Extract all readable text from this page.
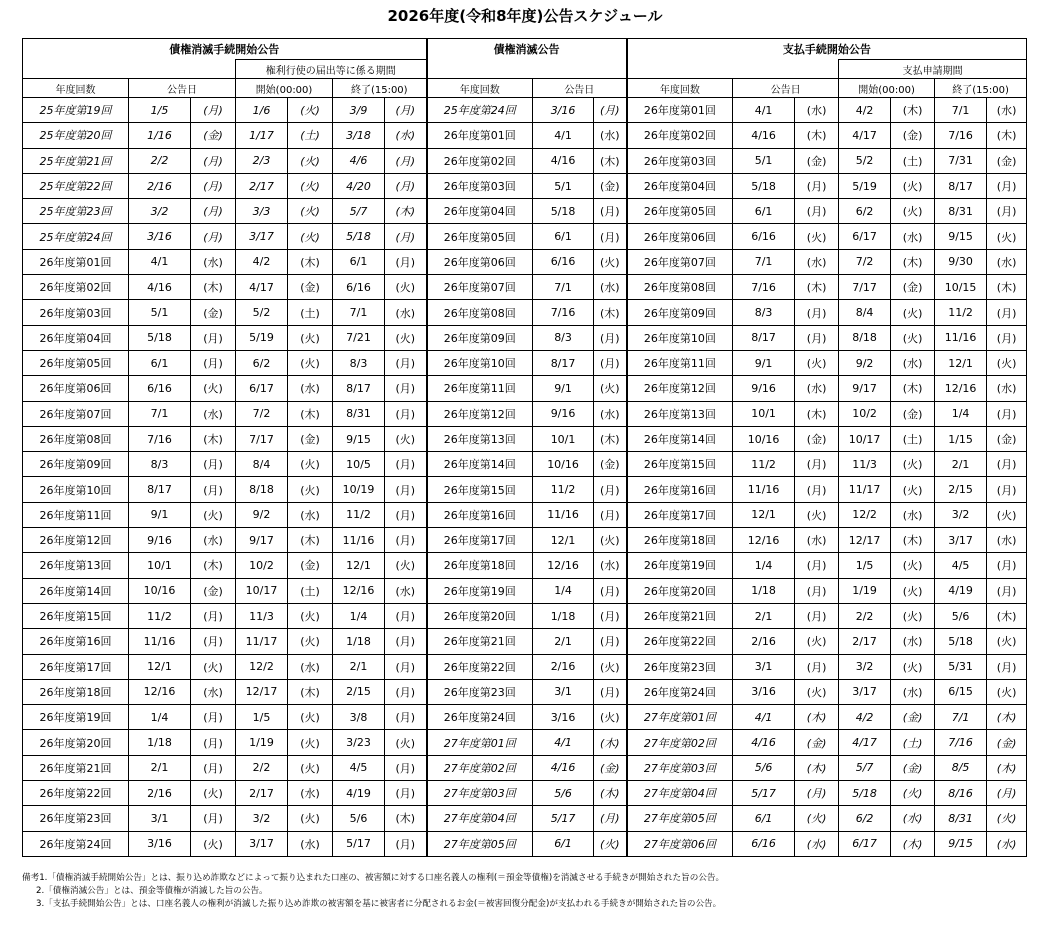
2026年度(令和8年度)公告スケジュール
債権消滅手続開始公告							債権消滅公告			支払手続開始公告						
			権利行使の届出等に係る期間										支払申請期間			
年度回数	公告日		開始(00:00)		終了(15:00)		年度回数	公告日		年度回数	公告日		開始(00:00)		終了(15:00)	
25年度第19回	1/5	(月)	1/6	(火)	3/9	(月)	25年度第24回	3/16	(月)	26年度第01回	4/1	(水)	4/2	(木)	7/1	(水)
25年度第20回	1/16	(金)	1/17	(土)	3/18	(水)	26年度第01回	4/1	(水)	26年度第02回	4/16	(木)	4/17	(金)	7/16	(木)
25年度第21回	2/2	(月)	2/3	(火)	4/6	(月)	26年度第02回	4/16	(木)	26年度第03回	5/1	(金)	5/2	(土)	7/31	(金)
25年度第22回	2/16	(月)	2/17	(火)	4/20	(月)	26年度第03回	5/1	(金)	26年度第04回	5/18	(月)	5/19	(火)	8/17	(月)
25年度第23回	3/2	(月)	3/3	(火)	5/7	(木)	26年度第04回	5/18	(月)	26年度第05回	6/1	(月)	6/2	(火)	8/31	(月)
25年度第24回	3/16	(月)	3/17	(火)	5/18	(月)	26年度第05回	6/1	(月)	26年度第06回	6/16	(火)	6/17	(水)	9/15	(火)
26年度第01回	4/1	(水)	4/2	(木)	6/1	(月)	26年度第06回	6/16	(火)	26年度第07回	7/1	(水)	7/2	(木)	9/30	(水)
26年度第02回	4/16	(木)	4/17	(金)	6/16	(火)	26年度第07回	7/1	(水)	26年度第08回	7/16	(木)	7/17	(金)	10/15	(木)
26年度第03回	5/1	(金)	5/2	(土)	7/1	(水)	26年度第08回	7/16	(木)	26年度第09回	8/3	(月)	8/4	(火)	11/2	(月)
26年度第04回	5/18	(月)	5/19	(火)	7/21	(火)	26年度第09回	8/3	(月)	26年度第10回	8/17	(月)	8/18	(火)	11/16	(月)
26年度第05回	6/1	(月)	6/2	(火)	8/3	(月)	26年度第10回	8/17	(月)	26年度第11回	9/1	(火)	9/2	(水)	12/1	(火)
26年度第06回	6/16	(火)	6/17	(水)	8/17	(月)	26年度第11回	9/1	(火)	26年度第12回	9/16	(水)	9/17	(木)	12/16	(水)
26年度第07回	7/1	(水)	7/2	(木)	8/31	(月)	26年度第12回	9/16	(水)	26年度第13回	10/1	(木)	10/2	(金)	1/4	(月)
26年度第08回	7/16	(木)	7/17	(金)	9/15	(火)	26年度第13回	10/1	(木)	26年度第14回	10/16	(金)	10/17	(土)	1/15	(金)
26年度第09回	8/3	(月)	8/4	(火)	10/5	(月)	26年度第14回	10/16	(金)	26年度第15回	11/2	(月)	11/3	(火)	2/1	(月)
26年度第10回	8/17	(月)	8/18	(火)	10/19	(月)	26年度第15回	11/2	(月)	26年度第16回	11/16	(月)	11/17	(火)	2/15	(月)
26年度第11回	9/1	(火)	9/2	(水)	11/2	(月)	26年度第16回	11/16	(月)	26年度第17回	12/1	(火)	12/2	(水)	3/2	(火)
26年度第12回	9/16	(水)	9/17	(木)	11/16	(月)	26年度第17回	12/1	(火)	26年度第18回	12/16	(水)	12/17	(木)	3/17	(水)
26年度第13回	10/1	(木)	10/2	(金)	12/1	(火)	26年度第18回	12/16	(水)	26年度第19回	1/4	(月)	1/5	(火)	4/5	(月)
26年度第14回	10/16	(金)	10/17	(土)	12/16	(水)	26年度第19回	1/4	(月)	26年度第20回	1/18	(月)	1/19	(火)	4/19	(月)
26年度第15回	11/2	(月)	11/3	(火)	1/4	(月)	26年度第20回	1/18	(月)	26年度第21回	2/1	(月)	2/2	(火)	5/6	(木)
26年度第16回	11/16	(月)	11/17	(火)	1/18	(月)	26年度第21回	2/1	(月)	26年度第22回	2/16	(火)	2/17	(水)	5/18	(火)
26年度第17回	12/1	(火)	12/2	(水)	2/1	(月)	26年度第22回	2/16	(火)	26年度第23回	3/1	(月)	3/2	(火)	5/31	(月)
26年度第18回	12/16	(水)	12/17	(木)	2/15	(月)	26年度第23回	3/1	(月)	26年度第24回	3/16	(火)	3/17	(水)	6/15	(火)
26年度第19回	1/4	(月)	1/5	(火)	3/8	(月)	26年度第24回	3/16	(火)	27年度第01回	4/1	(木)	4/2	(金)	7/1	(木)
26年度第20回	1/18	(月)	1/19	(火)	3/23	(火)	27年度第01回	4/1	(木)	27年度第02回	4/16	(金)	4/17	(土)	7/16	(金)
26年度第21回	2/1	(月)	2/2	(火)	4/5	(月)	27年度第02回	4/16	(金)	27年度第03回	5/6	(木)	5/7	(金)	8/5	(木)
26年度第22回	2/16	(火)	2/17	(水)	4/19	(月)	27年度第03回	5/6	(木)	27年度第04回	5/17	(月)	5/18	(火)	8/16	(月)
26年度第23回	3/1	(月)	3/2	(火)	5/6	(木)	27年度第04回	5/17	(月)	27年度第05回	6/1	(火)	6/2	(水)	8/31	(火)
26年度第24回	3/16	(火)	3/17	(水)	5/17	(月)	27年度第05回	6/1	(火)	27年度第06回	6/16	(水)	6/17	(木)	9/15	(水)
備考1.「債権消滅手続開始公告」とは、振り込め詐欺などによって振り込まれた口座の、被害額に対する口座名義人の権利(＝預金等債権)を消滅させる手続きが開始された旨の公告。
2.「債権消滅公告」とは、預金等債権が消滅した旨の公告。
3.「支払手続開始公告」とは、口座名義人の権利が消滅した振り込め詐欺の被害額を基に被害者に分配されるお金(＝被害回復分配金)が支払われる手続きが開始された旨の公告。
